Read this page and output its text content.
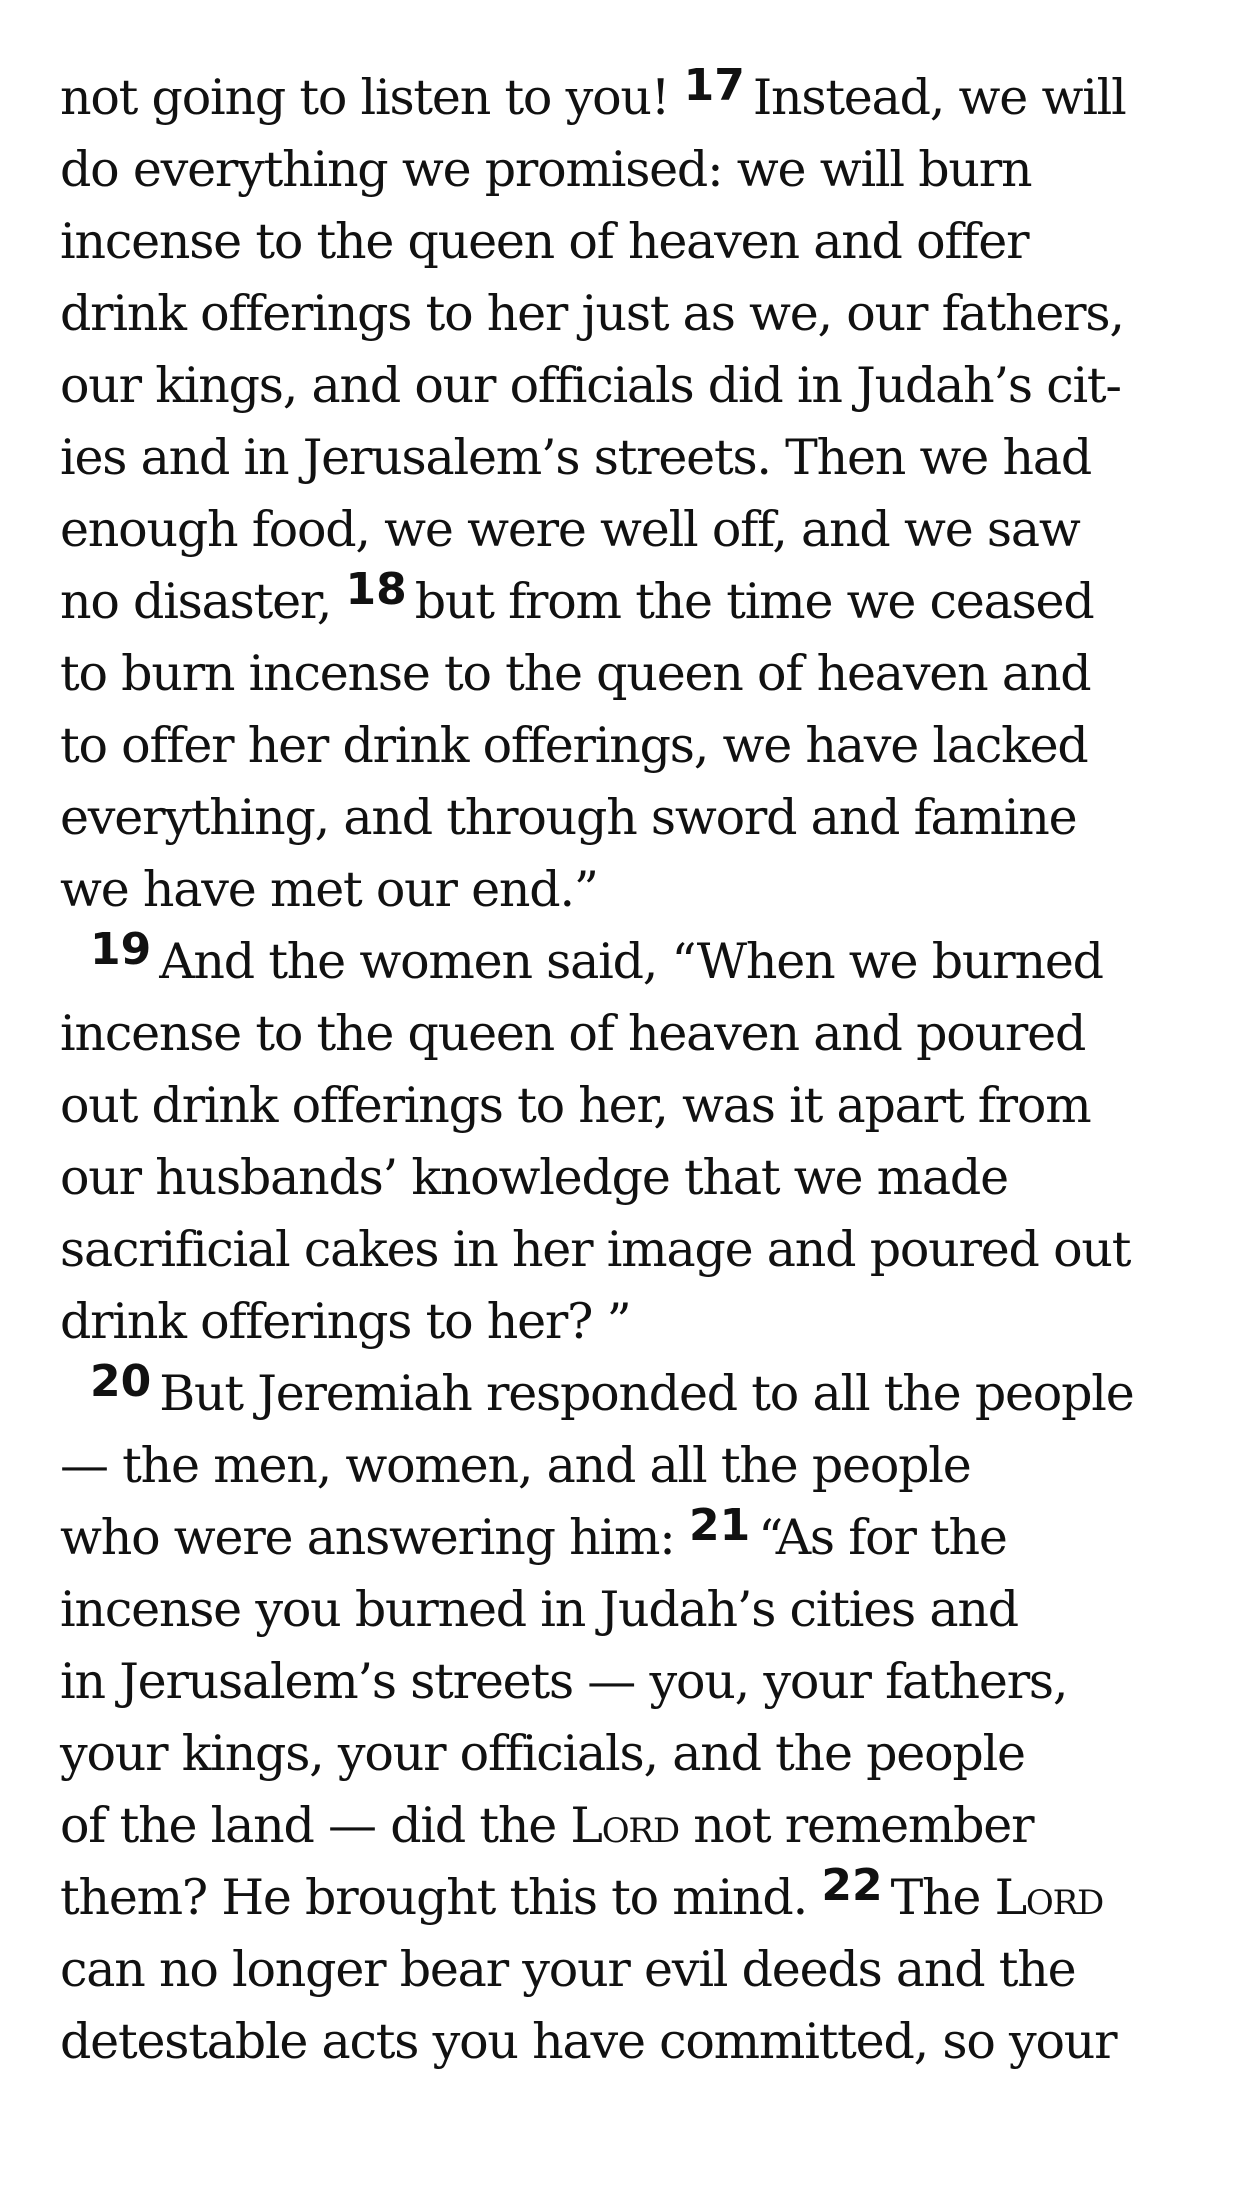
not going to listen to you! 17 Instead, we will
do everything we promised: we will burn
incense to the queen of heaven and offer
drink offerings to her just as we, our fathers,
our kings, and our officials did in Judah’s cit-
ies and in Jerusalem’s streets. Then we had
enough food, we were well off, and we saw
no disaster, 18 but from the time we ceased
to burn incense to the queen of heaven and
to offer her drink offerings, we have lacked
everything, and through sword and famine
we have met our end.”
19 And the women said, “When we burned
incense to the queen of heaven and poured
out drink offerings to her, was it apart from
our husbands’ knowledge that we made
sacrificial cakes in her image and poured out
drink offerings to her? ”
20 But Jeremiah responded to all the people
— the men, women, and all the people
who were answering him: 21 “As for the
incense you burned in Judah’s cities and
in Jerusalem’s streets — you, your fathers,
your kings, your officials, and the people
of the land — did the Lord not remember
them? He brought this to mind. 22 The Lord
can no longer bear your evil deeds and the
detestable acts you have committed, so your
